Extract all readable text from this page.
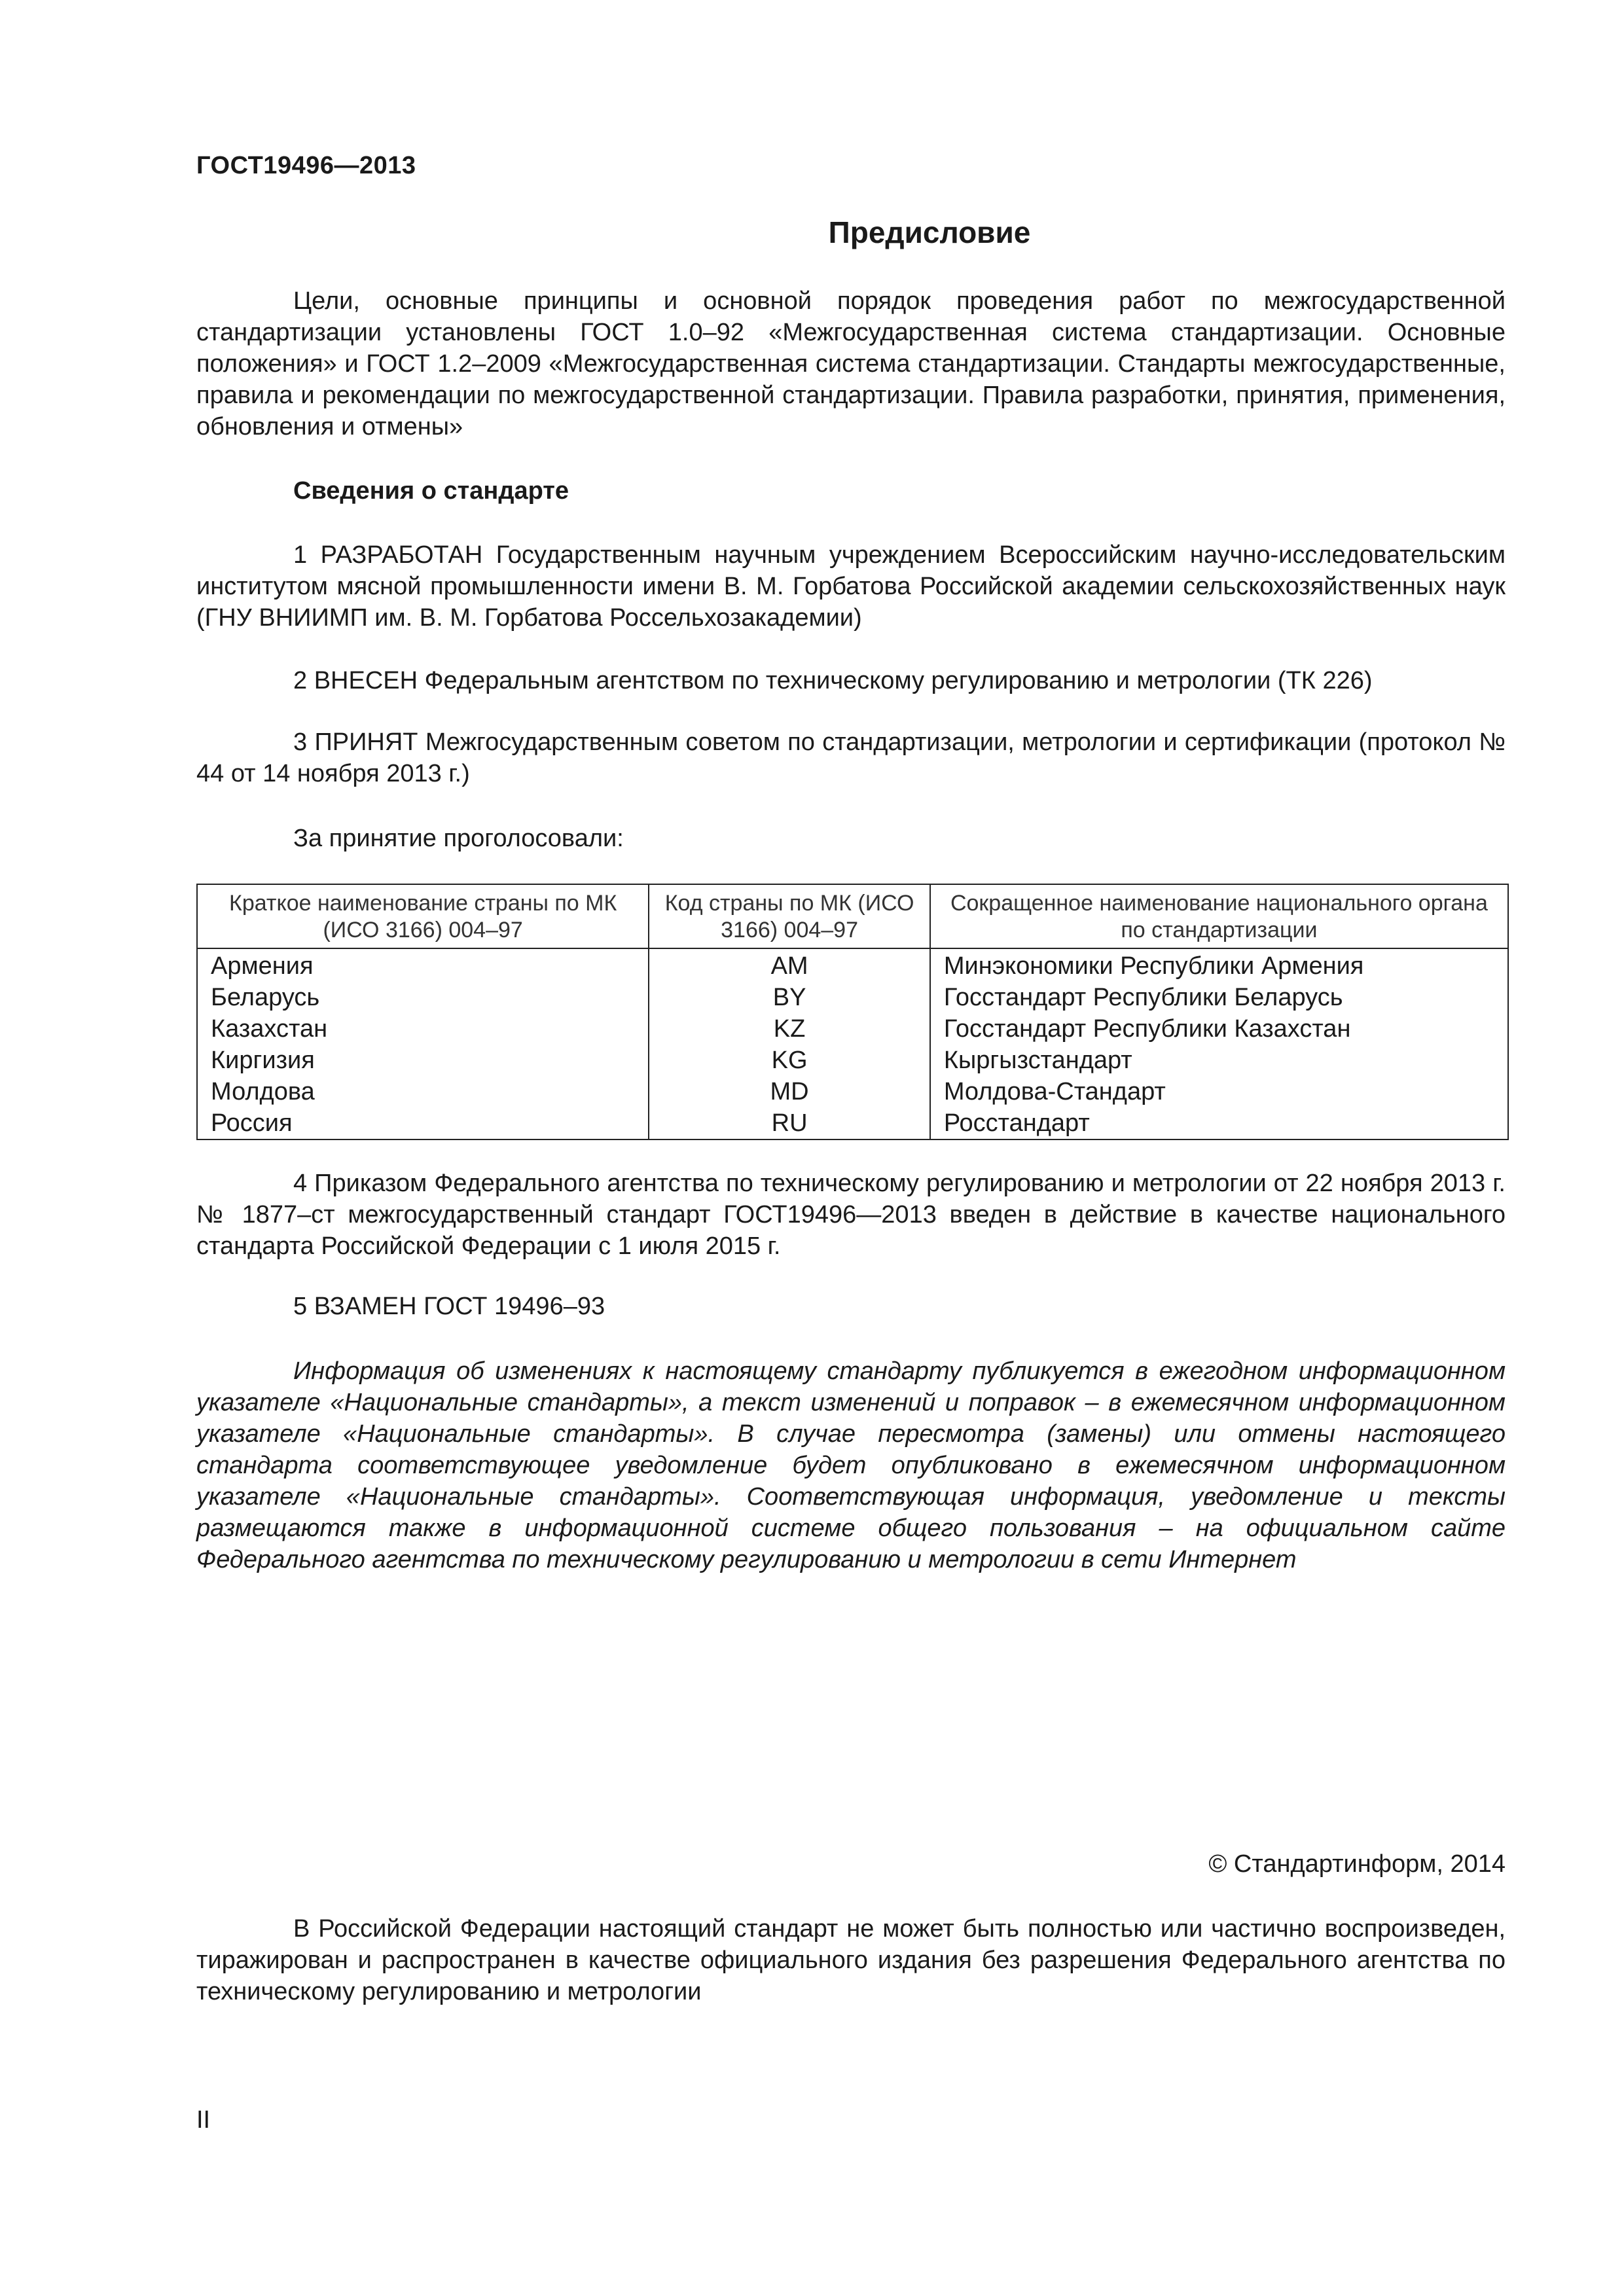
ГОСТ19496—2013
Предисловие

Цели, основные принципы и основной порядок проведения работ по межгосударственной стандартизации установлены ГОСТ 1.0–92 «Межгосударственная система стандартизации. Основные положения» и ГОСТ 1.2–2009 «Межгосударственная система стандартизации. Стандарты межгосударственные, правила и рекомендации по межгосударственной стандартизации. Правила разработки, принятия, применения, обновления и отмены»

Сведения о стандарте

1 РАЗРАБОТАН Государственным научным учреждением Всероссийским научно-исследовательским институтом мясной промышленности имени В. М. Горбатова Российской академии сельскохозяйственных наук (ГНУ ВНИИМП им. В. М. Горбатова Россельхозакадемии)

2 ВНЕСЕН Федеральным агентством по техническому регулированию и метрологии (ТК 226)

3 ПРИНЯТ Межгосударственным советом по стандартизации, метрологии и сертификации (протокол № 44 от 14 ноября 2013 г.)

За принятие проголосовали:
Краткое наименование страны по МК (ИСО 3166) 004–97	Код страны по МК (ИСО 3166) 004–97	Сокращенное наименование национального органа по стандартизации
Армения	AM	Минэкономики Республики Армения
Беларусь	BY	Госстандарт Республики Беларусь
Казахстан	KZ	Госстандарт Республики Казахстан
Киргизия	KG	Кыргызстандарт
Молдова	MD	Молдова-Стандарт
Россия	RU	Росстандарт

4 Приказом Федерального агентства по техническому регулированию и метрологии от 22 ноября 2013 г. № 1877–ст межгосударственный стандарт ГОСТ19496—2013 введен в действие в качестве национального стандарта Российской Федерации с 1 июля 2015 г.

5 ВЗАМЕН ГОСТ 19496–93

Информация об изменениях к настоящему стандарту публикуется в ежегодном информационном указателе «Национальные стандарты», а текст изменений и поправок – в ежемесячном информационном указателе «Национальные стандарты». В случае пересмотра (замены) или отмены настоящего стандарта соответствующее уведомление будет опубликовано в ежемесячном информационном указателе «Национальные стандарты». Соответствующая информация, уведомление и тексты размещаются также в информационной системе общего пользования – на официальном сайте Федерального агентства по техническому регулированию и метрологии в сети Интернет

© Стандартинформ, 2014

В Российской Федерации настоящий стандарт не может быть полностью или частично воспроизведен, тиражирован и распространен в качестве официального издания без разрешения Федерального агентства по техническому регулированию и метрологии

II
